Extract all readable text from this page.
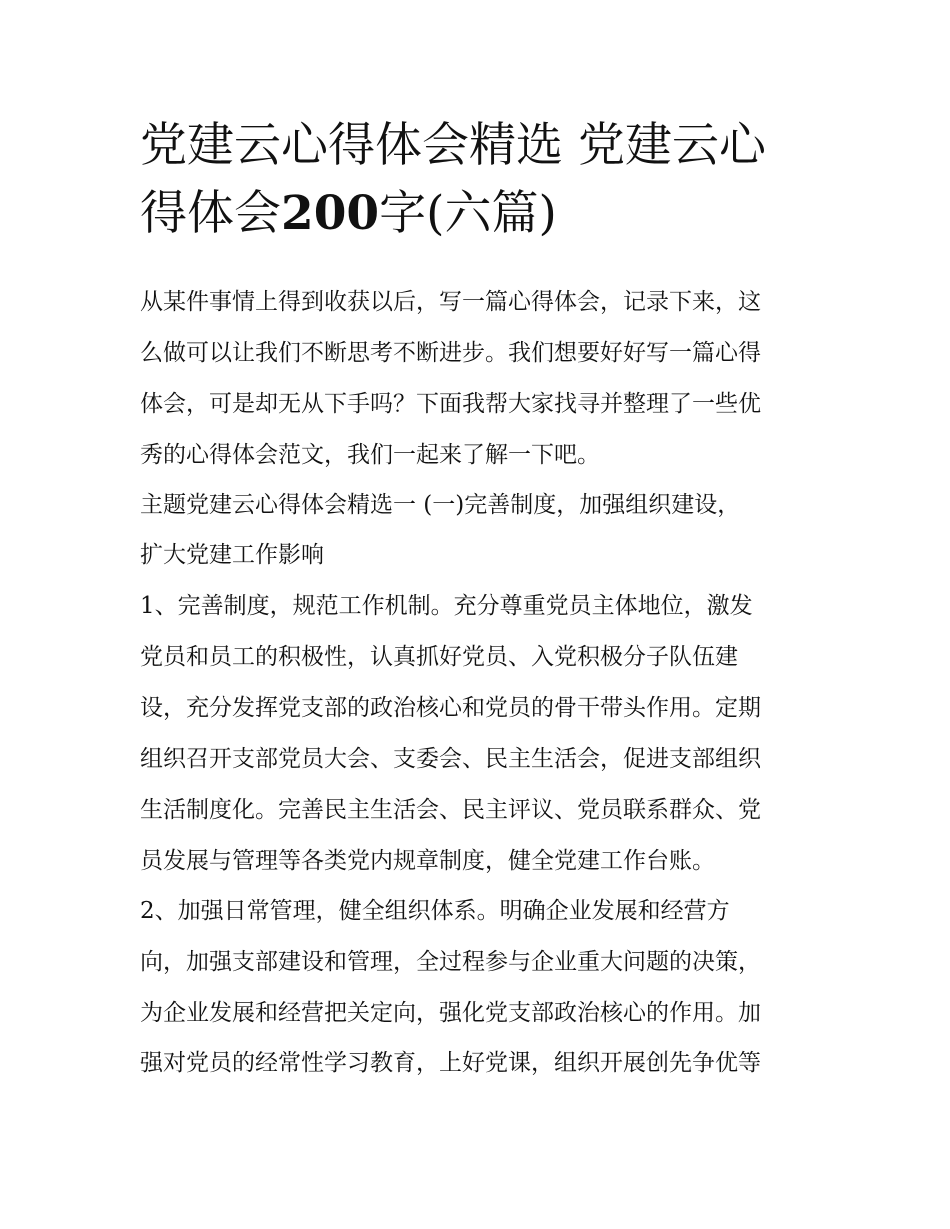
党建云心得体会精选 党建云心
得体会200字(六篇)
从某件事情上得到收获以后，写一篇心得体会，记录下来，这
么做可以让我们不断思考不断进步。我们想要好好写一篇心得
体会，可是却无从下手吗？下面我帮大家找寻并整理了一些优
秀的心得体会范文，我们一起来了解一下吧。
主题党建云心得体会精选一 (一)完善制度，加强组织建设，
扩大党建工作影响
1、完善制度，规范工作机制。充分尊重党员主体地位，激发
党员和员工的积极性，认真抓好党员、入党积极分子队伍建
设，充分发挥党支部的政治核心和党员的骨干带头作用。定期
组织召开支部党员大会、支委会、民主生活会，促进支部组织
生活制度化。完善民主生活会、民主评议、党员联系群众、党
员发展与管理等各类党内规章制度，健全党建工作台账。
2、加强日常管理，健全组织体系。明确企业发展和经营方
向，加强支部建设和管理，全过程参与企业重大问题的决策，
为企业发展和经营把关定向，强化党支部政治核心的作用。加
强对党员的经常性学习教育，上好党课，组织开展创先争优等
